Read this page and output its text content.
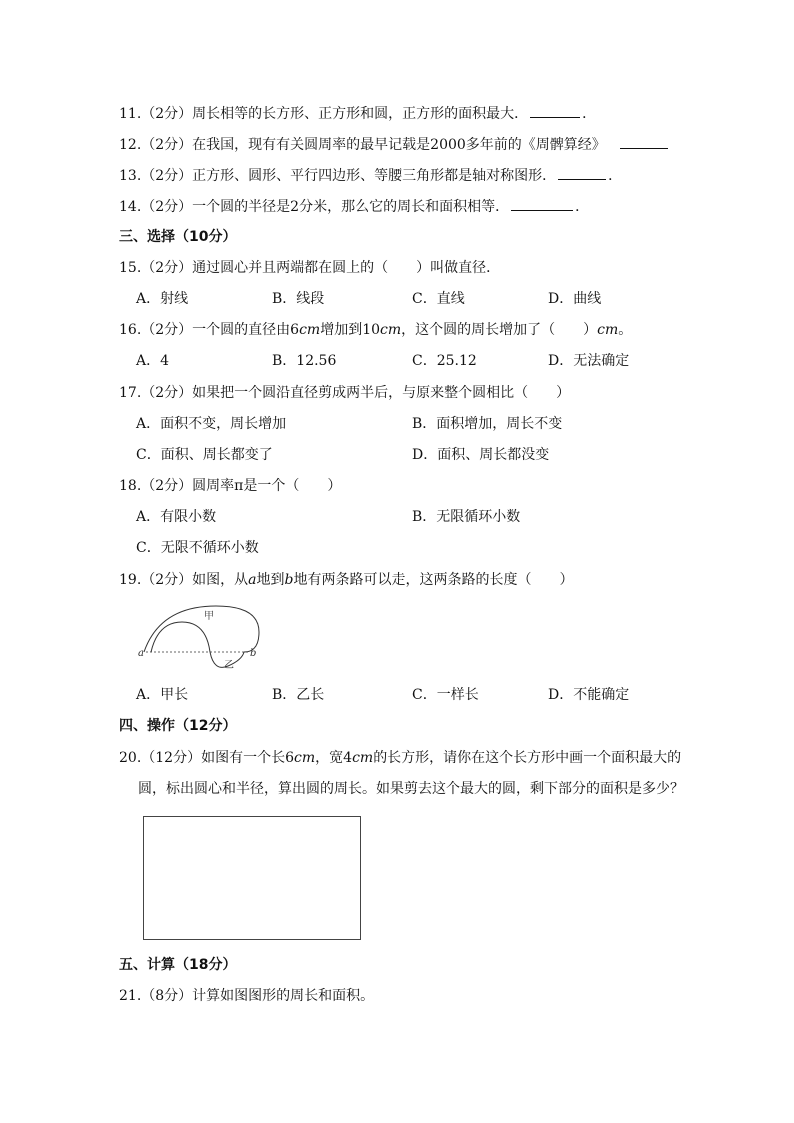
11.（2分）周长相等的长方形、正方形和圆，正方形的面积最大．	．
12.（2分）在我国，现有有关圆周率的最早记载是2000多年前的《周髀算经》
13.（2分）正方形、圆形、平行四边形、等腰三角形都是轴对称图形．	．
14.（2分）一个圆的半径是2分米，那么它的周长和面积相等．	．
三、选择（10分）
15.（2分）通过圆心并且两端都在圆上的（　　）叫做直径．
A．射线	B．线段	C．直线	D．曲线
16.（2分）一个圆的直径由6cm增加到10cm，这个圆的周长增加了（　　）cm。
A．4	B．12.56	C．25.12	D．无法确定
17.（2分）如果把一个圆沿直径剪成两半后，与原来整个圆相比（　　）
A．面积不变，周长增加	B．面积增加，周长不变
C．面积、周长都变了	D．面积、周长都没变
18.（2分）圆周率π是一个（　　）
A．有限小数	B．无限循环小数
C．无限不循环小数
19.（2分）如图，从a地到b地有两条路可以走，这两条路的长度（　　）
甲
乙
a	b
A．甲长	B．乙长	C．一样长	D．不能确定
四、操作（12分）
20.（12分）如图有一个长6cm，宽4cm的长方形，请你在这个长方形中画一个面积最大的
圆，标出圆心和半径，算出圆的周长。如果剪去这个最大的圆，剩下部分的面积是多少？
五、计算（18分）
21.（8分）计算如图图形的周长和面积。
